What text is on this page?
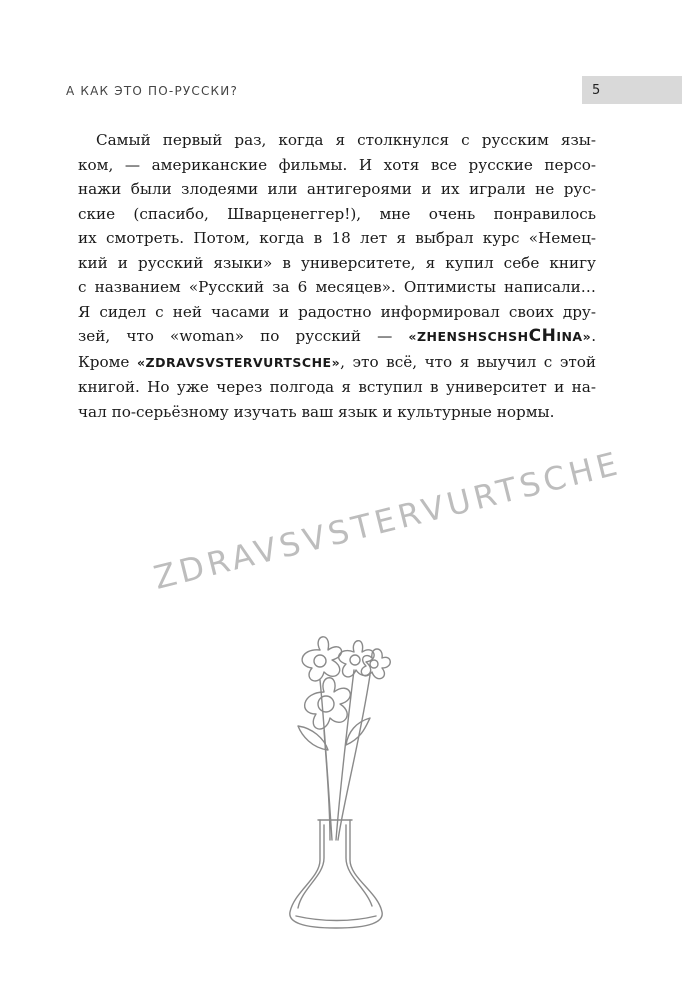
А КАК ЭТО ПО-РУССКИ?	5
Самый первый раз, когда я столкнулся с русским язы-
ком, — американские фильмы. И хотя все русские персо-
нажи были злодеями или антигероями и их играли не рус-
ские (спасибо, Шварценеггер!), мне очень понравилось
их смотреть. Потом, когда в 18 лет я выбрал курс «Немец-
кий и русский языки» в университете, я купил себе книгу
с названием «Русский за 6 месяцев». Оптимисты написали…
Я сидел с ней часами и радостно информировал своих дру-
зей, что «woman» по русский — «ZHENSHSCHSHCHINA».
Кроме «ZDRAVSVSTERVURTSCHE», это всё, что я выучил с этой
книгой. Но уже через полгода я вступил в университет и на-
чал по-серьёзному изучать ваш язык и культурные нормы.
ZDRAVSVSTERVURTSCHE
